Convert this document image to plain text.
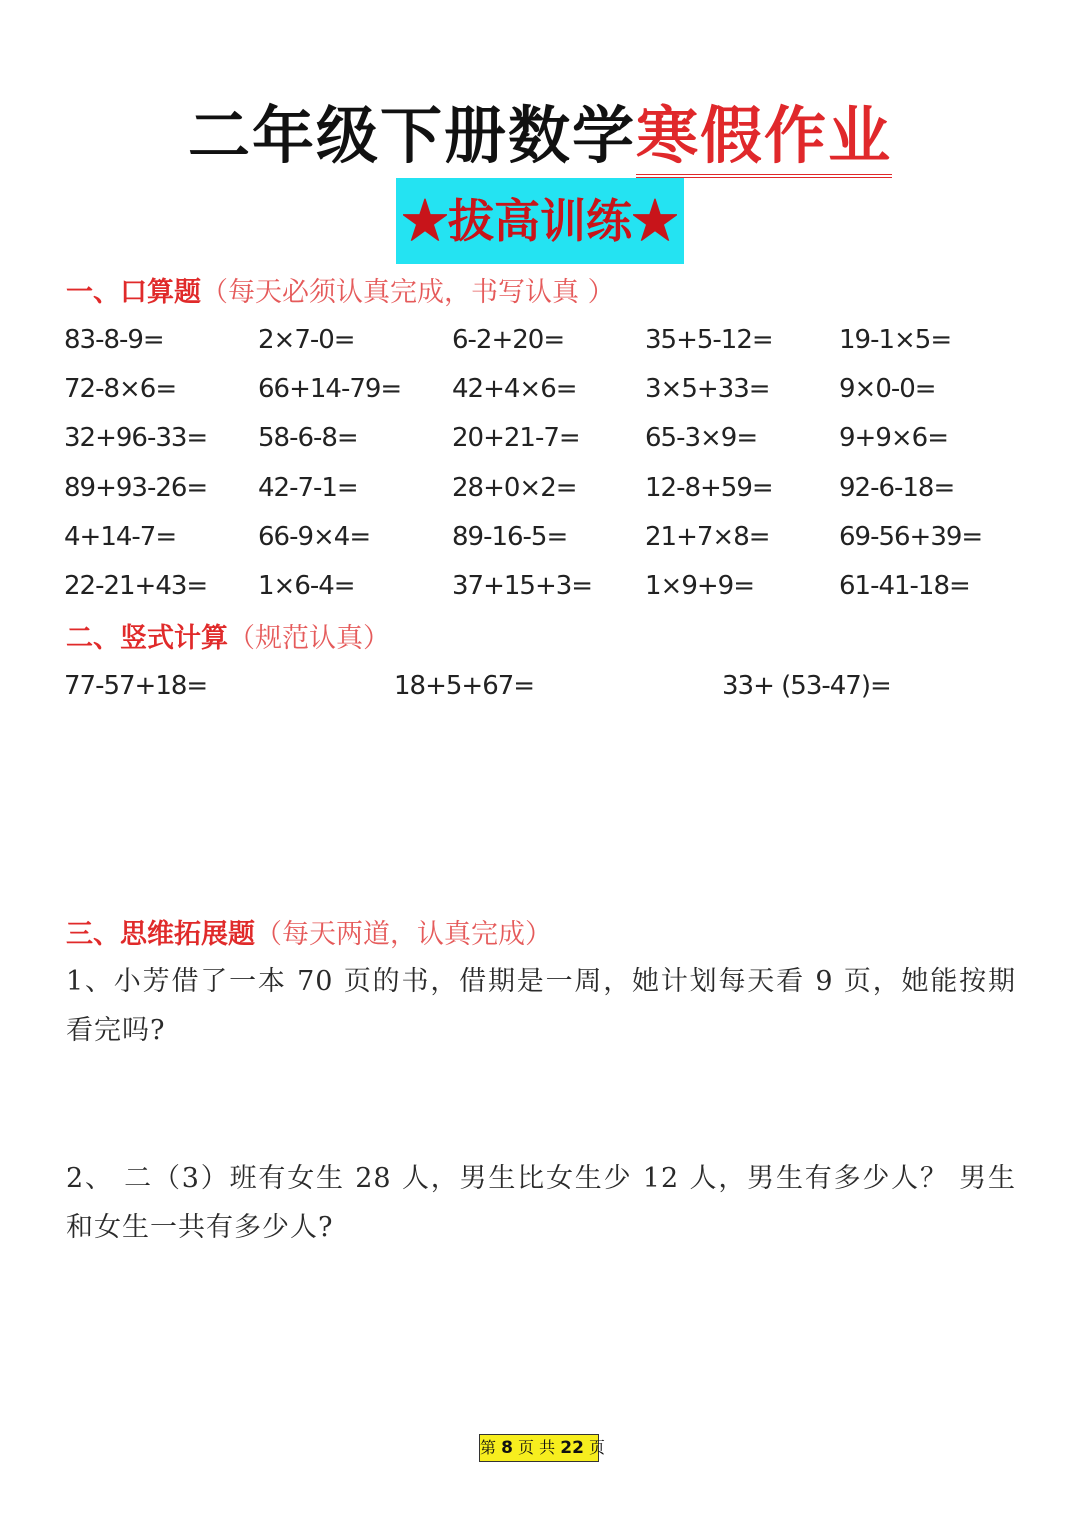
二年级下册数学寒假作业
★拔高训练★
一、口算题（每天必须认真完成，书写认真 ）
83-8-9=	2×7-0=	6-2+20=	35+5-12=	19-1×5=
72-8×6=	66+14-79= 42+4×6=	3×5+33=	9×0-0=
32+96-33= 58-6-8=	20+21-7=	65-3×9=	9+9×6=
89+93-26= 42-7-1=	28+0×2=	12-8+59=	92-6-18=
4+14-7=	66-9×4=	89-16-5=	21+7×8=	69-56+39=
22-21+43= 1×6-4=	37+15+3= 1×9+9=	61-41-18=
二、竖式计算（规范认真）
77-57+18=	18+5+67=	33+ (53-47)=
三、思维拓展题（每天两道，认真完成）
1、小芳借了一本 70 页的书，借期是一周，她计划每天看 9 页，她能按期看完吗?
2、 二（3）班有女生 28 人，男生比女生少 12 人，男生有多少人？ 男生和女生一共有多少人?
第 8 页 共 22 页
